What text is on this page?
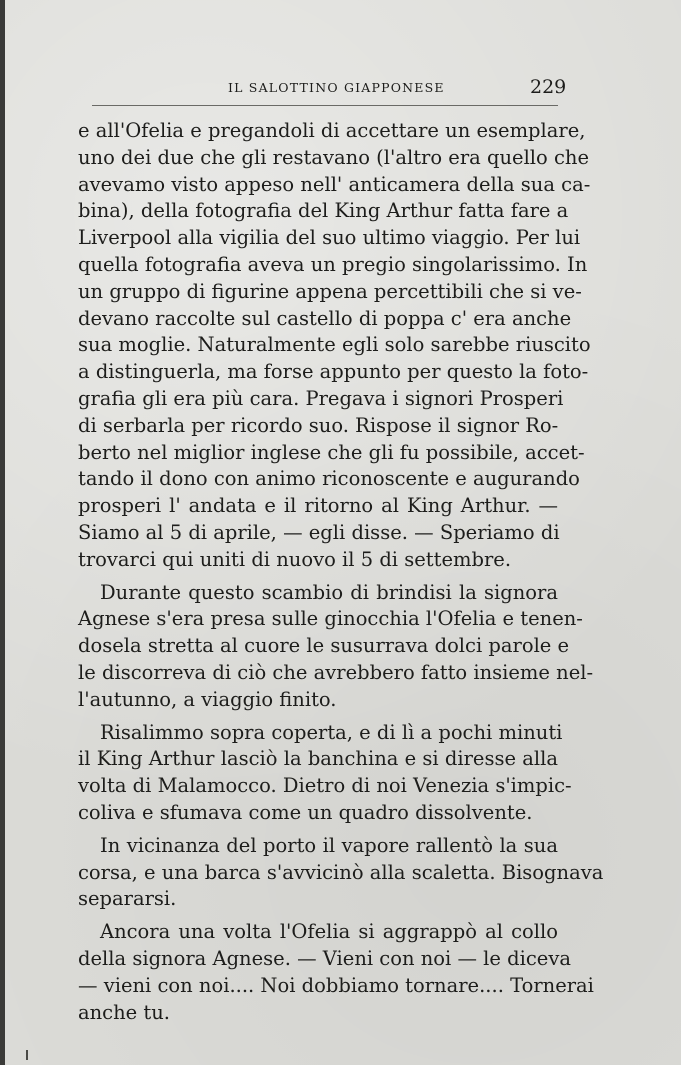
IL SALOTTINO GIAPPONESE	229
e all'Ofelia e pregandoli di accettare un esemplare,
uno dei due che gli restavano (l'altro era quello che
avevamo visto appeso nell' anticamera della sua ca-
bina), della fotografia del King Arthur fatta fare a
Liverpool alla vigilia del suo ultimo viaggio. Per lui
quella fotografia aveva un pregio singolarissimo. In
un gruppo di figurine appena percettibili che si ve-
devano raccolte sul castello di poppa c' era anche
sua moglie. Naturalmente egli solo sarebbe riuscito
a distinguerla, ma forse appunto per questo la foto-
grafia gli era più cara. Pregava i signori Prosperi
di serbarla per ricordo suo. Rispose il signor Ro-
berto nel miglior inglese che gli fu possibile, accet-
tando il dono con animo riconoscente e augurando
prosperi l' andata e il ritorno al King Arthur. —
Siamo al 5 di aprile, — egli disse. — Speriamo di
trovarci qui uniti di nuovo il 5 di settembre.
Durante questo scambio di brindisi la signora
Agnese s'era presa sulle ginocchia l'Ofelia e tenen-
dosela stretta al cuore le susurrava dolci parole e
le discorreva di ciò che avrebbero fatto insieme nel-
l'autunno, a viaggio finito.
Risalimmo sopra coperta, e di lì a pochi minuti
il King Arthur lasciò la banchina e si diresse alla
volta di Malamocco. Dietro di noi Venezia s'impic-
coliva e sfumava come un quadro dissolvente.
In vicinanza del porto il vapore rallentò la sua
corsa, e una barca s'avvicinò alla scaletta. Bisognava
separarsi.
Ancora una volta l'Ofelia si aggrappò al collo
della signora Agnese. — Vieni con noi — le diceva
— vieni con noi.... Noi dobbiamo tornare.... Tornerai
anche tu.
